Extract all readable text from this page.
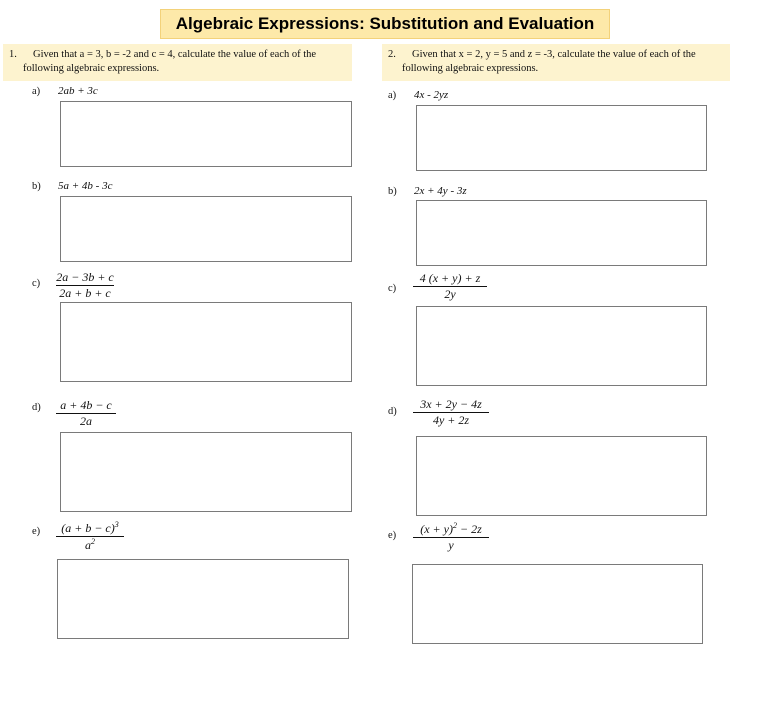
Algebraic Expressions: Substitution and Evaluation
1. Given that a = 3, b = -2 and c = 4, calculate the value of each of the
following algebraic expressions.
2. Given that x = 2, y = 5 and z = -3, calculate the value of each of the
following algebraic expressions.
a) 2ab + 3c
b) 5a + 4b - 3c
c) 2a − 3b + c
2a + b + c
d)	a + 4b − c
2a
e)	$(a + b - c)^3$
$a^2$
a) 4x - 2yz
b) 2x + 4y - 3z
c)
4 (x + y) + z
2y
d)
3x + 2y − 4z
4y + 2z
e)	$(x + y)^2 - 2z$
y
